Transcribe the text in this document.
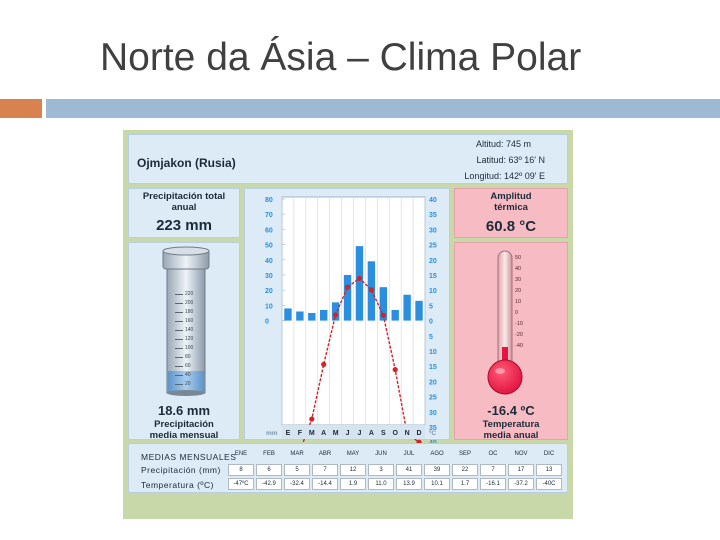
Norte da Ásia – Clima Polar
Ojmjakon (Rusia)
Altitud: 745 m
Latitud: 63º 16' N
Longitud: 142º 09' E
Precipitación total anual
223 mm
220
200
180
160
140
120
100
80
60
40
20
18.6 mm
Precipitación
media mensual
80
70
60
50
40
30
20
10
0
40
35
30
25
20
15
10
5
0
5
10
15
20
25
30
35
E F M A M J J A S O N D
mm	ºC
Amplitud
térmica
60.8 °C
50
40
30
20
10
0
-10
-20
-40
-16.4 ºC
Temperatura
media anual
MEDIAS MENSUALES
Precipitación (mm)
Temperatura (ºC)
ENE
8
-47ºC
FEB
6
-42.9
MAR
5
-32.4
ABR
7
-14.4
MAY
12
1.9
JUN
3
11.0
JUL
41
13.9
AGO
39
10.1
SEP
22
1.7
OC
7
-16.1
NOV
17
-37.2
DIC
13
-40C
